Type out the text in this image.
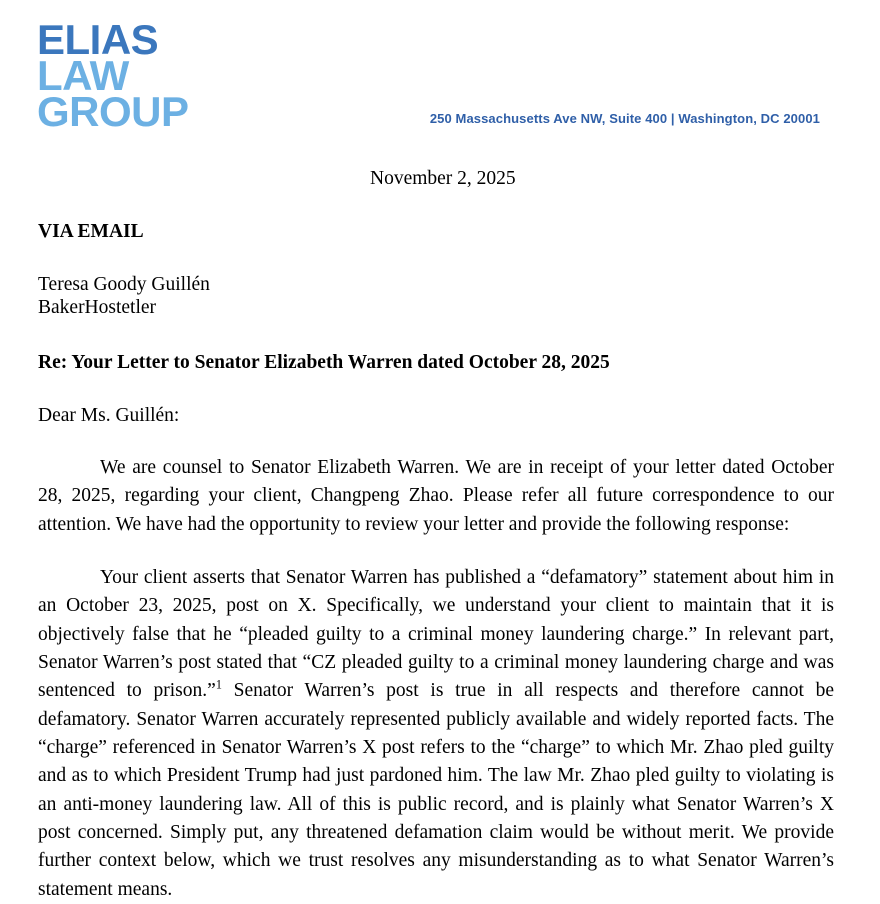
ELIAS
LAW
GROUP	250 Massachusetts Ave NW, Suite 400 | Washington, DC 20001

November 2, 2025

VIA EMAIL

Teresa Goody Guillén
BakerHostetler

Re: Your Letter to Senator Elizabeth Warren dated October 28, 2025

Dear Ms. Guillén:

We are counsel to Senator Elizabeth Warren. We are in receipt of your letter dated October 28, 2025, regarding your client, Changpeng Zhao. Please refer all future correspondence to our attention. We have had the opportunity to review your letter and provide the following response:

Your client asserts that Senator Warren has published a “defamatory” statement about him in an October 23, 2025, post on X. Specifically, we understand your client to maintain that it is objectively false that he “pleaded guilty to a criminal money laundering charge.” In relevant part, Senator Warren’s post stated that “CZ pleaded guilty to a criminal money laundering charge and was sentenced to prison.”$^1$ Senator Warren’s post is true in all respects and therefore cannot be defamatory. Senator Warren accurately represented publicly available and widely reported facts. The “charge” referenced in Senator Warren’s X post refers to the “charge” to which Mr. Zhao pled guilty and as to which President Trump had just pardoned him. The law Mr. Zhao pled guilty to violating is an anti-money laundering law. All of this is public record, and is plainly what Senator Warren’s X post concerned. Simply put, any threatened defamation claim would be without merit. We provide further context below, which we trust resolves any misunderstanding as to what Senator Warren’s statement means.
